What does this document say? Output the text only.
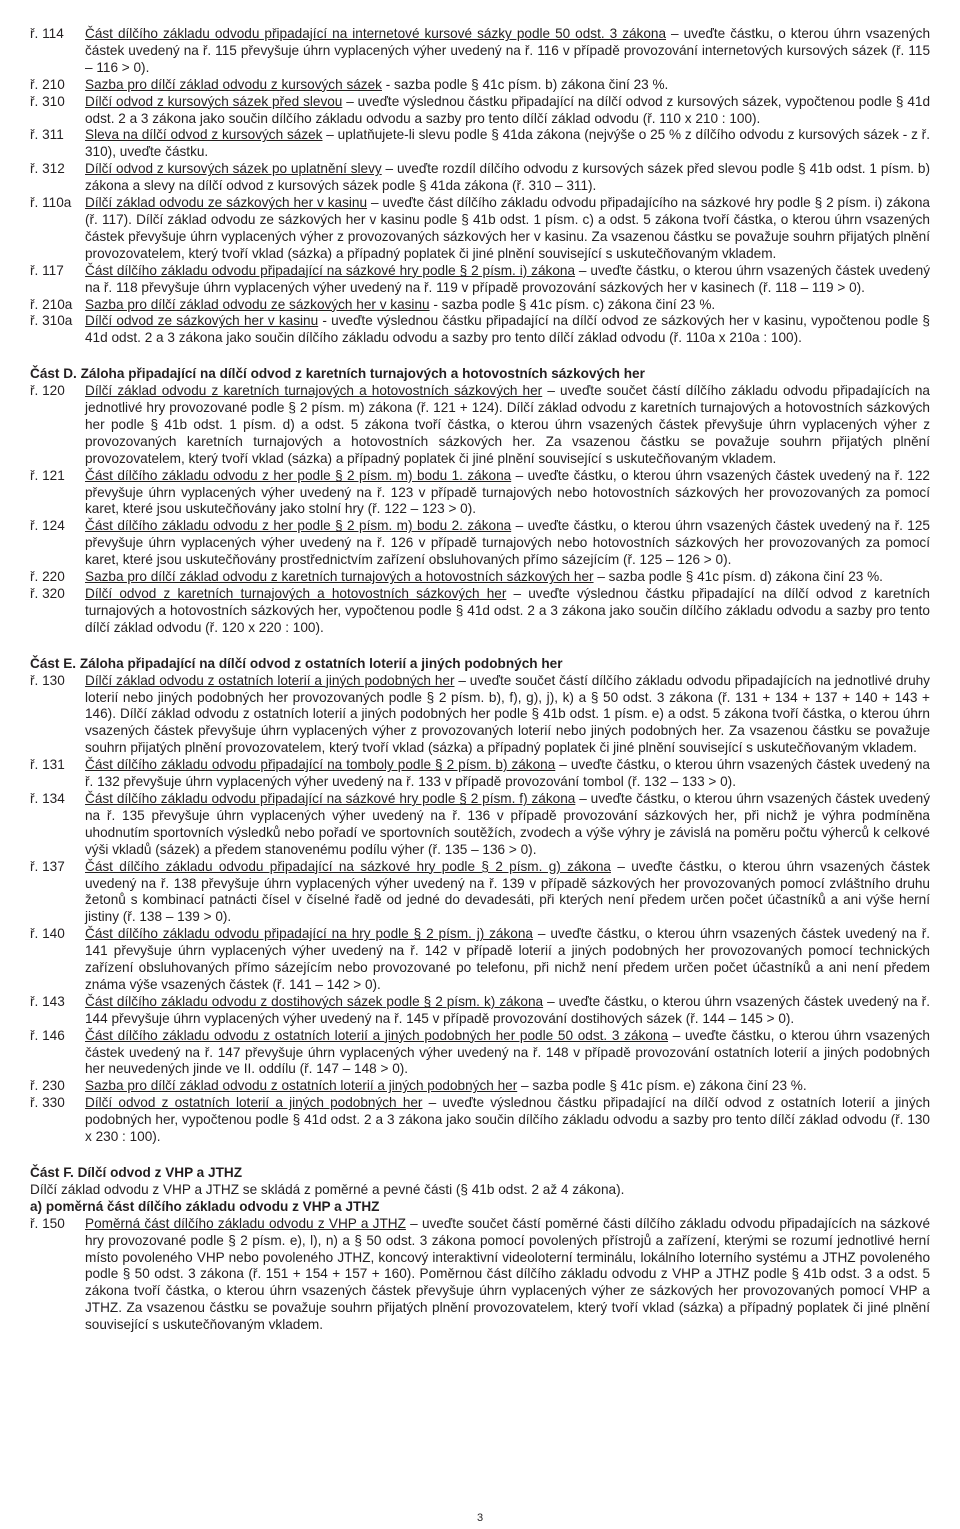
ř. 114	Část dílčího základu odvodu připadající na internetové kursové sázky podle 50 odst. 3 zákona – uveďte částku, o kterou úhrn vsazených částek uvedený na ř. 115 převyšuje úhrn vyplacených výher uvedený na ř. 116 v případě provozování internetových kursových sázek (ř. 115 – 116 > 0).
ř. 210	Sazba pro dílčí základ odvodu z kursových sázek - sazba podle § 41c písm. b) zákona činí 23 %.
ř. 310	Dílčí odvod z kursových sázek před slevou – uveďte výslednou částku připadající na dílčí odvod z kursových sázek, vypočtenou podle § 41d odst. 2 a 3 zákona jako součin dílčího základu odvodu a sazby pro tento dílčí základ odvodu (ř. 110 x 210 : 100).
ř. 311	Sleva na dílčí odvod z kursových sázek – uplatňujete-li slevu podle § 41da zákona (nejvýše o 25 % z dílčího odvodu z kursových sázek - z ř. 310), uveďte částku.
ř. 312	Dílčí odvod z kursových sázek po uplatnění slevy – uveďte rozdíl dílčího odvodu z kursových sázek před slevou podle § 41b odst. 1 písm. b) zákona a slevy na dílčí odvod z kursových sázek podle § 41da zákona (ř. 310 – 311).
ř. 110a	Dílčí základ odvodu ze sázkových her v kasinu – uveďte část dílčího základu odvodu připadajícího na sázkové hry podle § 2 písm. i) zákona (ř. 117). Dílčí základ odvodu ze sázkových her v kasinu podle § 41b odst. 1 písm. c) a odst. 5 zákona tvoří částka, o kterou úhrn vsazených částek převyšuje úhrn vyplacených výher z provozovaných sázkových her v kasinu. Za vsazenou částku se považuje souhrn přijatých plnění provozovatelem, který tvoří vklad (sázka) a případný poplatek či jiné plnění související s uskutečňovaným vkladem.
ř. 117	Část dílčího základu odvodu připadající na sázkové hry podle § 2 písm. i) zákona – uveďte částku, o kterou úhrn vsazených částek uvedený na ř. 118 převyšuje úhrn vyplacených výher uvedený na ř. 119 v případě provozování sázkových her v kasinech (ř. 118 – 119 > 0).
ř. 210a Sazba pro dílčí základ odvodu ze sázkových her v kasinu - sazba podle § 41c písm. c) zákona činí 23 %.
ř. 310a Dílčí odvod ze sázkových her v kasinu - uveďte výslednou částku připadající na dílčí odvod ze sázkových her v kasinu, vypočtenou podle § 41d odst. 2 a 3 zákona jako součin dílčího základu odvodu a sazby pro tento dílčí základ odvodu (ř. 110a x 210a : 100).
Část D. Záloha připadající na dílčí odvod z karetních turnajových a hotovostních sázkových her
ř. 120	Dílčí základ odvodu z karetních turnajových a hotovostních sázkových her – uveďte součet částí dílčího základu odvodu připadajících na jednotlivé hry provozované podle § 2 písm. m) zákona (ř. 121 + 124). Dílčí základ odvodu z karetních turnajových a hotovostních sázkových her podle § 41b odst. 1 písm. d) a odst. 5 zákona tvoří částka, o kterou úhrn vsazených částek převyšuje úhrn vyplacených výher z provozovaných karetních turnajových a hotovostních sázkových her. Za vsazenou částku se považuje souhrn přijatých plnění provozovatelem, který tvoří vklad (sázka) a případný poplatek či jiné plnění související s uskutečňovaným vkladem.
ř. 121	Část dílčího základu odvodu z her podle § 2 písm. m) bodu 1. zákona – uveďte částku, o kterou úhrn vsazených částek uvedený na ř. 122 převyšuje úhrn vyplacených výher uvedený na ř. 123 v případě turnajových nebo hotovostních sázkových her provozovaných za pomocí karet, které jsou uskutečňovány jako stolní hry (ř. 122 – 123 > 0).
ř. 124	Část dílčího základu odvodu z her podle § 2 písm. m) bodu 2. zákona – uveďte částku, o kterou úhrn vsazených částek uvedený na ř. 125 převyšuje úhrn vyplacených výher uvedený na ř. 126 v případě turnajových nebo hotovostních sázkových her provozovaných za pomocí karet, které jsou uskutečňovány prostřednictvím zařízení obsluhovaných přímo sázejícím (ř. 125 – 126 > 0).
ř. 220	Sazba pro dílčí základ odvodu z karetních turnajových a hotovostních sázkových her – sazba podle § 41c písm. d) zákona činí 23 %.
ř. 320	Dílčí odvod z karetních turnajových a hotovostních sázkových her – uveďte výslednou částku připadající na dílčí odvod z karetních turnajových a hotovostních sázkových her, vypočtenou podle § 41d odst. 2 a 3 zákona jako součin dílčího základu odvodu a sazby pro tento dílčí základ odvodu (ř. 120 x 220 : 100).
Část E. Záloha připadající na dílčí odvod z ostatních loterií a jiných podobných her
ř. 130	Dílčí základ odvodu z ostatních loterií a jiných podobných her – uveďte součet částí dílčího základu odvodu připadajících na jednotlivé druhy loterií nebo jiných podobných her provozovaných podle § 2 písm. b), f), g), j), k) a § 50 odst. 3 zákona (ř. 131 + 134 + 137 + 140 + 143 + 146). Dílčí základ odvodu z ostatních loterií a jiných podobných her podle § 41b odst. 1 písm. e) a odst. 5 zákona tvoří částka, o kterou úhrn vsazených částek převyšuje úhrn vyplacených výher z provozovaných loterií nebo jiných podobných her. Za vsazenou částku se považuje souhrn přijatých plnění provozovatelem, který tvoří vklad (sázka) a případný poplatek či jiné plnění související s uskutečňovaným vkladem.
ř. 131	Část dílčího základu odvodu připadající na tomboly podle § 2 písm. b) zákona – uveďte částku, o kterou úhrn vsazených částek uvedený na ř. 132 převyšuje úhrn vyplacených výher uvedený na ř. 133 v případě provozování tombol (ř. 132 – 133 > 0).
ř. 134	Část dílčího základu odvodu připadající na sázkové hry podle § 2 písm. f) zákona – uveďte částku, o kterou úhrn vsazených částek uvedený na ř. 135 převyšuje úhrn vyplacených výher uvedený na ř. 136 v případě provozování sázkových her, při nichž je výhra podmíněna uhodnutím sportovních výsledků nebo pořadí ve sportovních soutěžích, zvodech a výše výhry je závislá na poměru počtu výherců k celkové výši vkladů (sázek) a předem stanovenému podílu výher (ř. 135 – 136 > 0).
ř. 137	Část dílčího základu odvodu připadající na sázkové hry podle § 2 písm. g) zákona – uveďte částku, o kterou úhrn vsazených částek uvedený na ř. 138 převyšuje úhrn vyplacených výher uvedený na ř. 139 v případě sázkových her provozovaných pomocí zvláštního druhu žetonů s kombinací patnácti čísel v číselné řadě od jedné do devadesáti, při kterých není předem určen počet účastníků a ani výše herní jistiny (ř. 138 – 139 > 0).
ř. 140	Část dílčího základu odvodu připadající na hry podle § 2 písm. j) zákona – uveďte částku, o kterou úhrn vsazených částek uvedený na ř. 141 převyšuje úhrn vyplacených výher uvedený na ř. 142 v případě loterií a jiných podobných her provozovaných pomocí technických zařízení obsluhovaných přímo sázejícím nebo provozované po telefonu, při nichž není předem určen počet účastníků a ani není předem známa výše vsazených částek (ř. 141 – 142 > 0).
ř. 143	Část dílčího základu odvodu z dostihových sázek podle § 2 písm. k) zákona – uveďte částku, o kterou úhrn vsazených částek uvedený na ř. 144 převyšuje úhrn vyplacených výher uvedený na ř. 145 v případě provozování dostihových sázek (ř. 144 – 145 > 0).
ř. 146	Část dílčího základu odvodu z ostatních loterií a jiných podobných her podle 50 odst. 3 zákona – uveďte částku, o kterou úhrn vsazených částek uvedený na ř. 147 převyšuje úhrn vyplacených výher uvedený na ř. 148 v případě provozování ostatních loterií a jiných podobných her neuvedených jinde ve II. oddílu (ř. 147 – 148 > 0).
ř. 230	Sazba pro dílčí základ odvodu z ostatních loterií a jiných podobných her – sazba podle § 41c písm. e) zákona činí 23 %.
ř. 330	Dílčí odvod z ostatních loterií a jiných podobných her – uveďte výslednou částku připadající na dílčí odvod z ostatních loterií a jiných podobných her, vypočtenou podle § 41d odst. 2 a 3 zákona jako součin dílčího základu odvodu a sazby pro tento dílčí základ odvodu (ř. 130 x 230 : 100).
Část F. Dílčí odvod z VHP a JTHZ
Dílčí základ odvodu z VHP a JTHZ se skládá z poměrné a pevné části (§ 41b odst. 2 až 4 zákona).
a) poměrná část dílčího základu odvodu z VHP a JTHZ
ř. 150	Poměrná část dílčího základu odvodu z VHP a JTHZ – uveďte součet částí poměrné části dílčího základu odvodu připadajících na sázkové hry provozované podle § 2 písm. e), l), n) a § 50 odst. 3 zákona pomocí povolených přístrojů a zařízení, kterými se rozumí jednotlivé herní místo povoleného VHP nebo povoleného JTHZ, koncový interaktivní videoloterní terminálu, lokálního loterního systému a JTHZ povoleného podle § 50 odst. 3 zákona (ř. 151 + 154 + 157 + 160). Poměrnou část dílčího základu odvodu z VHP a JTHZ podle § 41b odst. 3 a odst. 5 zákona tvoří částka, o kterou úhrn vsazených částek převyšuje úhrn vyplacených výher ze sázkových her provozovaných pomocí VHP a JTHZ. Za vsazenou částku se považuje souhrn přijatých plnění provozovatelem, který tvoří vklad (sázka) a případný poplatek či jiné plnění související s uskutečňovaným vkladem.
3
